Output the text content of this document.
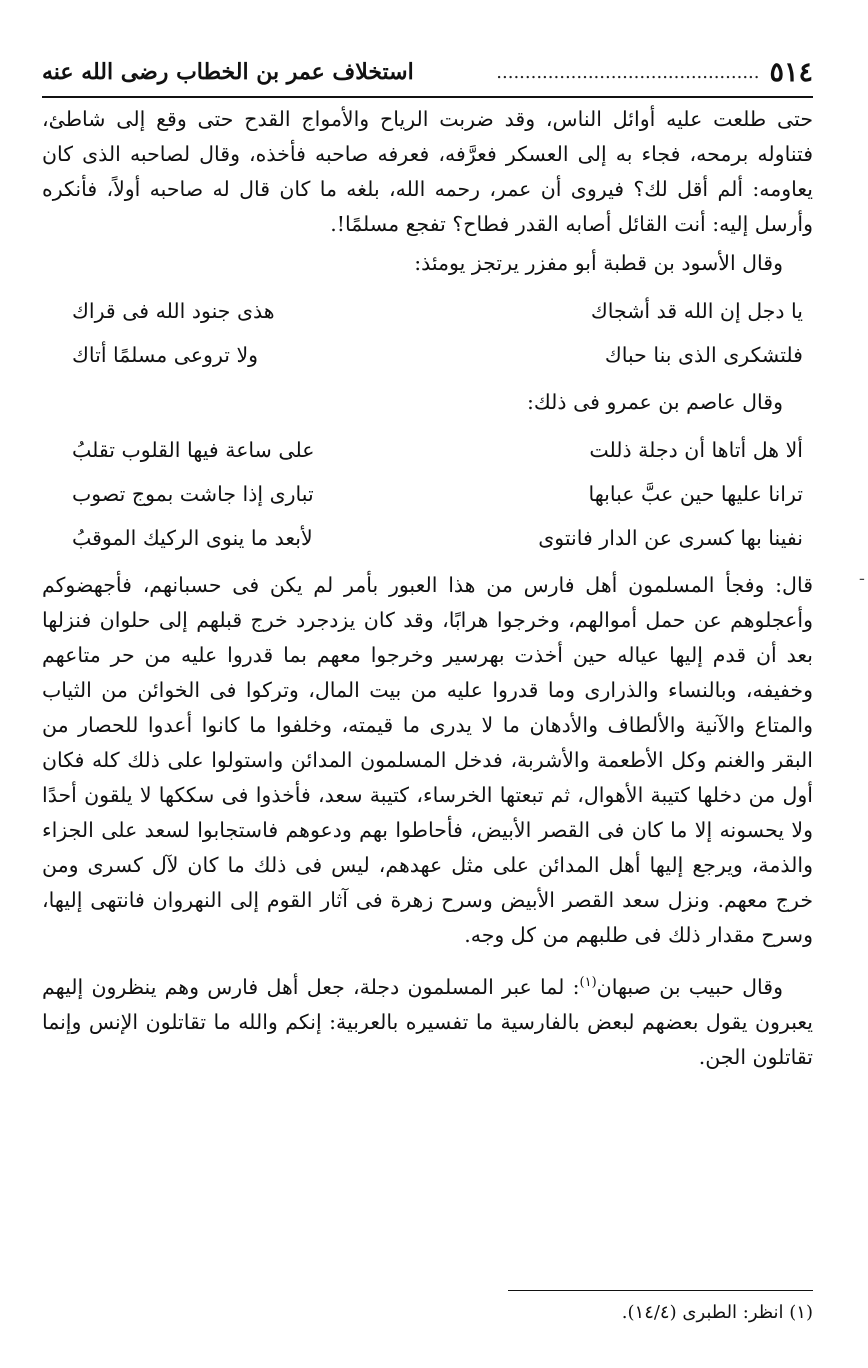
٥١٤
..............................................
استخلاف عمر بن الخطاب رضى الله عنه

حتى طلعت عليه أوائل الناس، وقد ضربت الرياح والأمواج القدح حتى وقع إلى شاطئ، فتناوله برمحه، فجاء به إلى العسكر فعرَّفه، فعرفه صاحبه فأخذه، وقال لصاحبه الذى كان يعاومه: ألم أقل لك؟ فيروى أن عمر، رحمه الله، بلغه ما كان قال له صاحبه أولاً، فأنكره وأرسل إليه: أنت القائل أصابه القدر فطاح؟ تفجع مسلمًا!.

وقال الأسود بن قطبة أبو مفزر يرتجز يومئذ:

يا دجل إن الله قد أشجاك
هذى جنود الله فى قراك
فلتشكرى الذى بنا حباك
ولا تروعى مسلمًا أتاك

وقال عاصم بن عمرو فى ذلك:

ألا هل أتاها أن دجلة ذللت
على ساعة فيها القلوب تقلبُ
ترانا عليها حين عبَّ عبابها
تبارى إذا جاشت بموج تصوب
نفينا بها كسرى عن الدار فانتوى
لأبعد ما ينوى الركيك الموقبُ

قال: وفجأ المسلمون أهل فارس من هذا العبور بأمر لم يكن فى حسبانهم، فأجهضوكم وأعجلوهم عن حمل أموالهم، وخرجوا هرابًا، وقد كان يزدجرد خرج قبلهم إلى حلوان فنزلها بعد أن قدم إليها عياله حين أخذت بهرسير وخرجوا معهم بما قدروا عليه من حر متاعهم وخفيفه، وبالنساء والذرارى وما قدروا عليه من بيت المال، وتركوا فى الخوائن من الثياب والمتاع والآنية والألطاف والأدهان ما لا يدرى ما قيمته، وخلفوا ما كانوا أعدوا للحصار من البقر والغنم وكل الأطعمة والأشربة، فدخل المسلمون المدائن واستولوا على ذلك كله فكان أول من دخلها كتيبة الأهوال، ثم تبعتها الخرساء، كتيبة سعد، فأخذوا فى سككها لا يلقون أحدًا ولا يحسونه إلا ما كان فى القصر الأبيض، فأحاطوا بهم ودعوهم فاستجابوا لسعد على الجزاء والذمة، ويرجع إليها أهل المدائن على مثل عهدهم، ليس فى ذلك ما كان لآل كسرى ومن خرج معهم. ونزل سعد القصر الأبيض وسرح زهرة فى آثار القوم إلى النهروان فانتهى إليها، وسرح مقدار ذلك فى طلبهم من كل وجه.

وقال حبيب بن صبهان$^{(١)}$: لما عبر المسلمون دجلة، جعل أهل فارس وهم ينظرون إليهم يعبرون يقول بعضهم لبعض بالفارسية ما تفسيره بالعربية: إنكم والله ما تقاتلون الإنس وإنما تقاتلون الجن.

(١) انظر: الطبرى (١٤/٤).
ـ
